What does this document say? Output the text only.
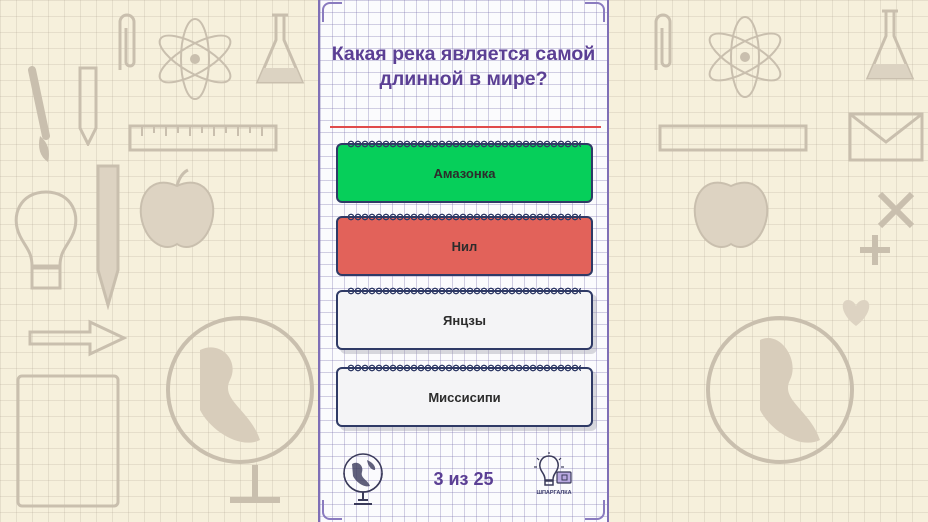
Какая река является самой длинной в мире?
Амазонка
Нил
Янцзы
Миссисипи
3 из 25
ШПАРГАЛКА
